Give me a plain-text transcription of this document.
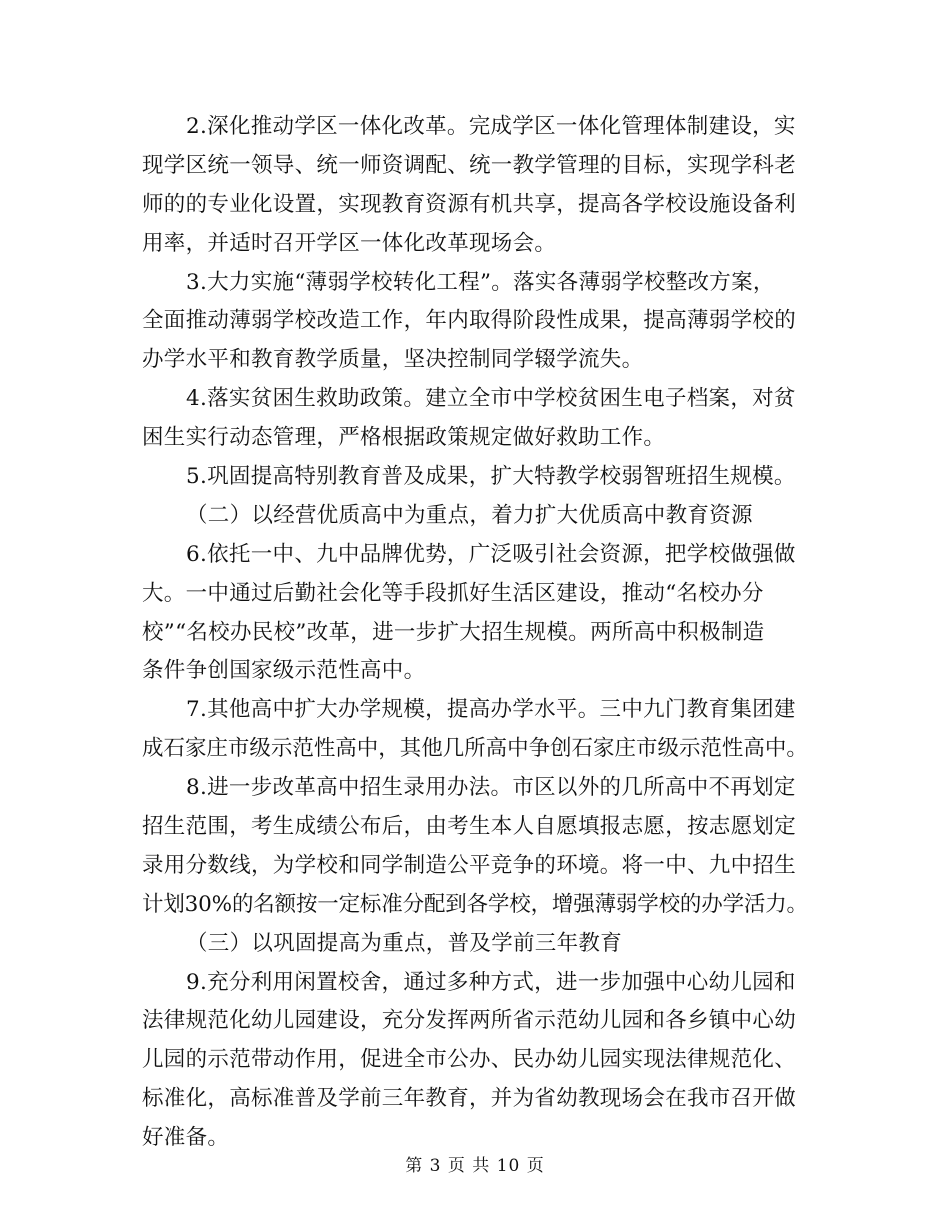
2.深化推动学区一体化改革。完成学区一体化管理体制建设，实
现学区统一领导、统一师资调配、统一教学管理的目标，实现学科老
师的的专业化设置，实现教育资源有机共享，提高各学校设施设备利
用率，并适时召开学区一体化改革现场会。
3.大力实施“薄弱学校转化工程”。落实各薄弱学校整改方案，
全面推动薄弱学校改造工作，年内取得阶段性成果，提高薄弱学校的
办学水平和教育教学质量，坚决控制同学辍学流失。
4.落实贫困生救助政策。建立全市中学校贫困生电子档案，对贫
困生实行动态管理，严格根据政策规定做好救助工作。
5.巩固提高特别教育普及成果，扩大特教学校弱智班招生规模。
（二）以经营优质高中为重点，着力扩大优质高中教育资源
6.依托一中、九中品牌优势，广泛吸引社会资源，把学校做强做
大。一中通过后勤社会化等手段抓好生活区建设，推动“名校办分
校”“名校办民校”改革，进一步扩大招生规模。两所高中积极制造
条件争创国家级示范性高中。
7.其他高中扩大办学规模，提高办学水平。三中九门教育集团建
成石家庄市级示范性高中，其他几所高中争创石家庄市级示范性高中。
8.进一步改革高中招生录用办法。市区以外的几所高中不再划定
招生范围，考生成绩公布后，由考生本人自愿填报志愿，按志愿划定
录用分数线，为学校和同学制造公平竞争的环境。将一中、九中招生
计划30%的名额按一定标准分配到各学校，增强薄弱学校的办学活力。
（三）以巩固提高为重点，普及学前三年教育
9.充分利用闲置校舍，通过多种方式，进一步加强中心幼儿园和
法律规范化幼儿园建设，充分发挥两所省示范幼儿园和各乡镇中心幼
儿园的示范带动作用，促进全市公办、民办幼儿园实现法律规范化、
标准化，高标准普及学前三年教育，并为省幼教现场会在我市召开做
好准备。
第 3 页 共 10 页
